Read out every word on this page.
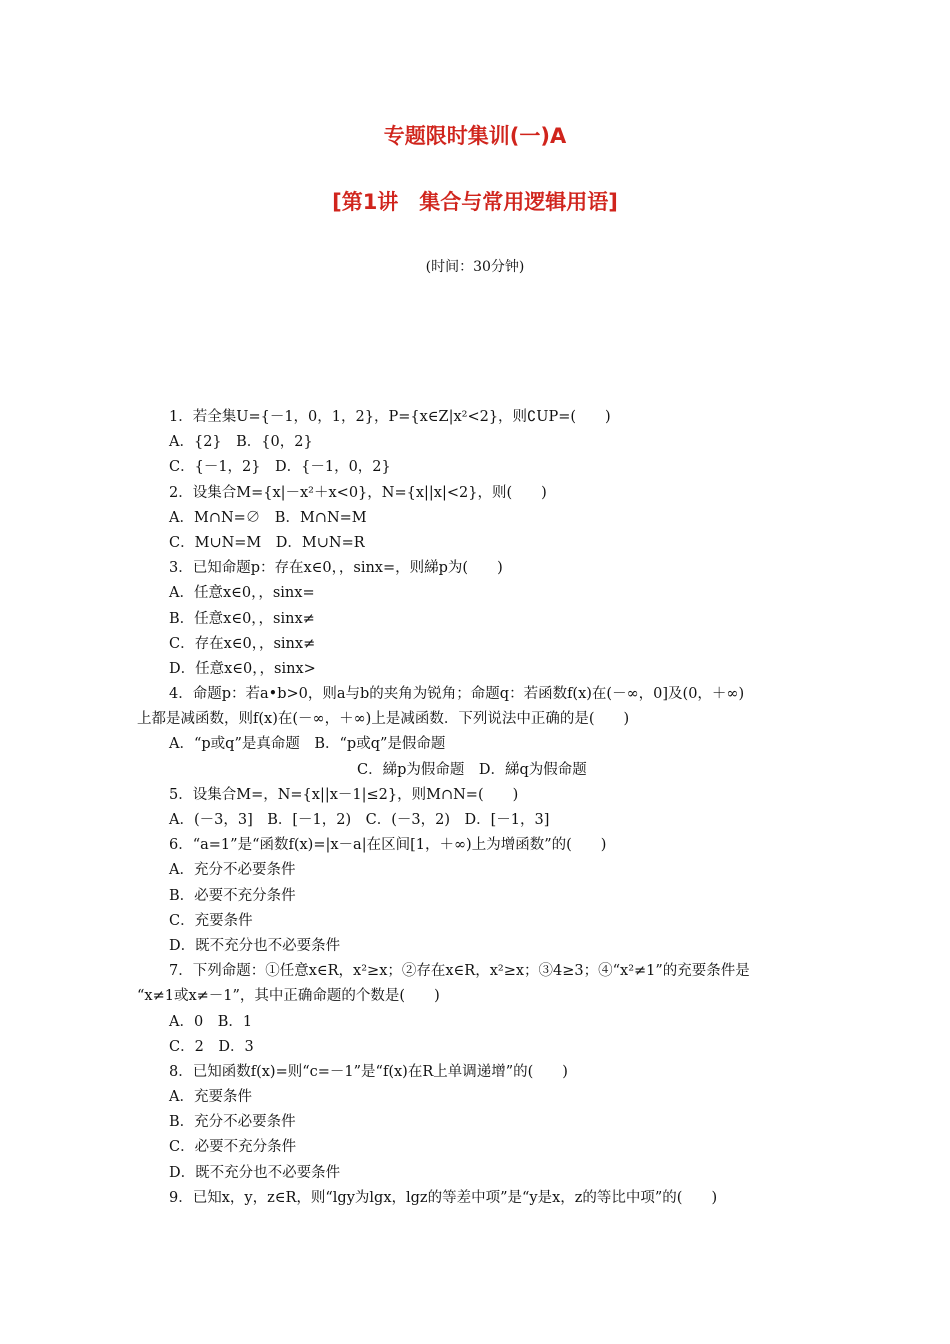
专题限时集训(一)A
[第1讲　集合与常用逻辑用语]
(时间：30分钟)
1．若全集U={－1，0，1，2}，P={x∈Z|x²<2}，则∁UP=(　　)
A．{2}　B．{0，2}
C．{－1，2}　D．{－1，0，2}
2．设集合M={x|－x²＋x<0}，N={x||x|<2}，则(　　)
A．M∩N=∅　B．M∩N=M
C．M∪N=M　D．M∪N=R
3．已知命题p：存在x∈0，，sinx=，则綈p为(　　)
A．任意x∈0，，sinx=
B．任意x∈0，，sinx≠
C．存在x∈0，，sinx≠
D．任意x∈0，，sinx>
4．命题p：若a•b>0，则a与b的夹角为锐角；命题q：若函数f(x)在(－∞，0]及(0，＋∞)
上都是减函数，则f(x)在(－∞，＋∞)上是减函数．下列说法中正确的是(　　)
A．“p或q”是真命题　B．“p或q”是假命题
C．綈p为假命题　D．綈q为假命题
5．设集合M=，N={x||x－1|≤2}，则M∩N=(　　)
A．(－3，3]　B．[－1，2)　C．(－3，2)　D．[－1，3]
6．“a=1”是“函数f(x)=|x－a|在区间[1，＋∞)上为增函数”的(　　)
A．充分不必要条件
B．必要不充分条件
C．充要条件
D．既不充分也不必要条件
7．下列命题：①任意x∈R，x²≥x；②存在x∈R，x²≥x；③4≥3；④“x²≠1”的充要条件是
“x≠1或x≠－1”，其中正确命题的个数是(　　)
A．0　B．1
C．2　D．3
8．已知函数f(x)=则“c=－1”是“f(x)在R上单调递增”的(　　)
A．充要条件
B．充分不必要条件
C．必要不充分条件
D．既不充分也不必要条件
9．已知x，y，z∈R，则“lgy为lgx，lgz的等差中项”是“y是x，z的等比中项”的(　　)
